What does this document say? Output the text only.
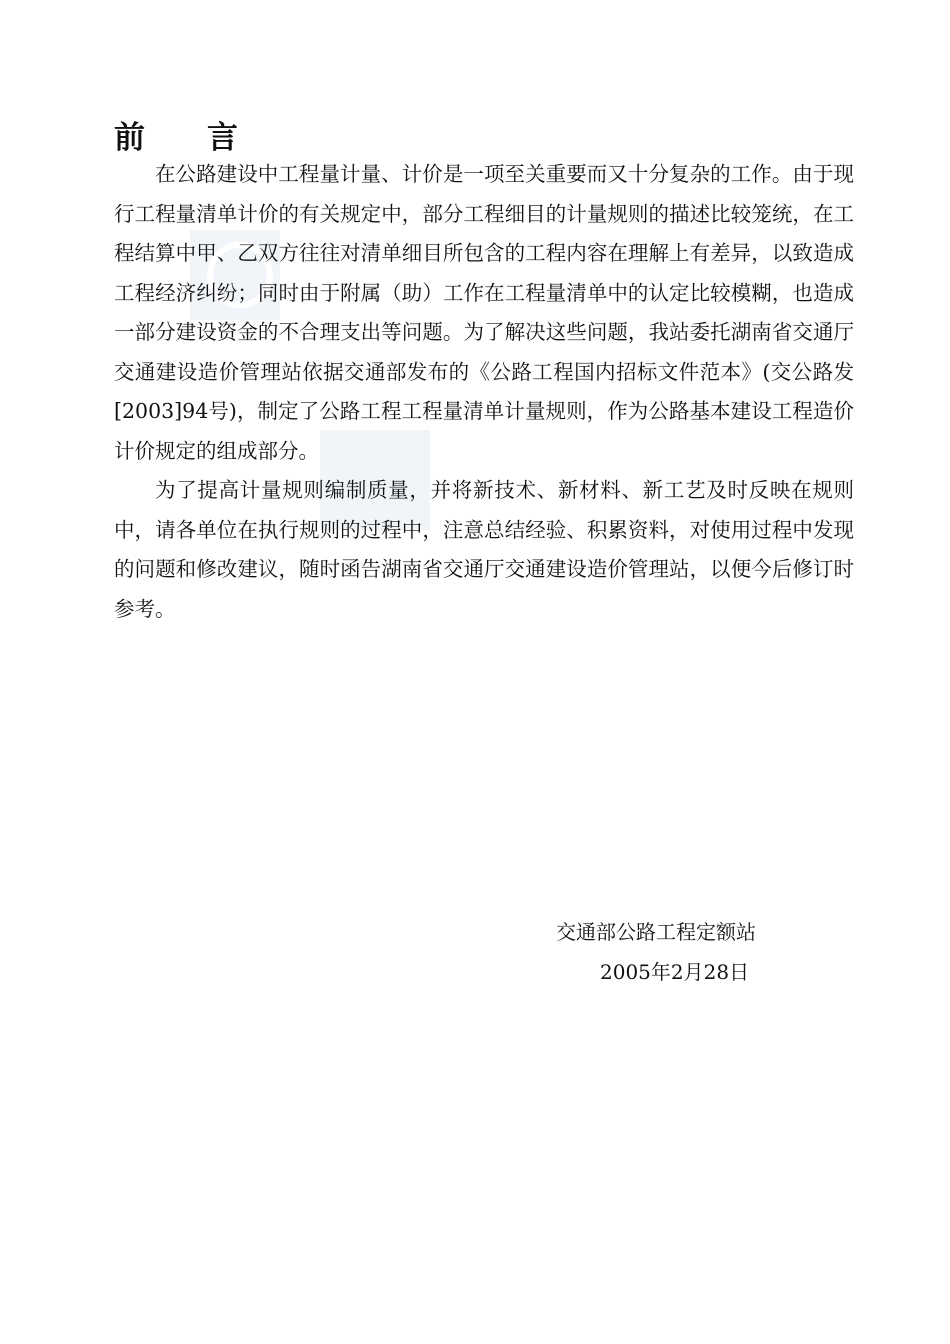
前　　言

在公路建设中工程量计量、计价是一项至关重要而又十分复杂的工作。由于现行工程量清单计价的有关规定中，部分工程细目的计量规则的描述比较笼统，在工程结算中甲、乙双方往往对清单细目所包含的工程内容在理解上有差异，以致造成工程经济纠纷；同时由于附属（助）工作在工程量清单中的认定比较模糊，也造成一部分建设资金的不合理支出等问题。为了解决这些问题，我站委托湖南省交通厅交通建设造价管理站依据交通部发布的《公路工程国内招标文件范本》(交公路发[2003]94号)，制定了公路工程工程量清单计量规则，作为公路基本建设工程造价计价规定的组成部分。

为了提高计量规则编制质量，并将新技术、新材料、新工艺及时反映在规则中，请各单位在执行规则的过程中，注意总结经验、积累资料，对使用过程中发现的问题和修改建议，随时函告湖南省交通厅交通建设造价管理站，以便今后修订时参考。

交通部公路工程定额站
2005年2月28日
